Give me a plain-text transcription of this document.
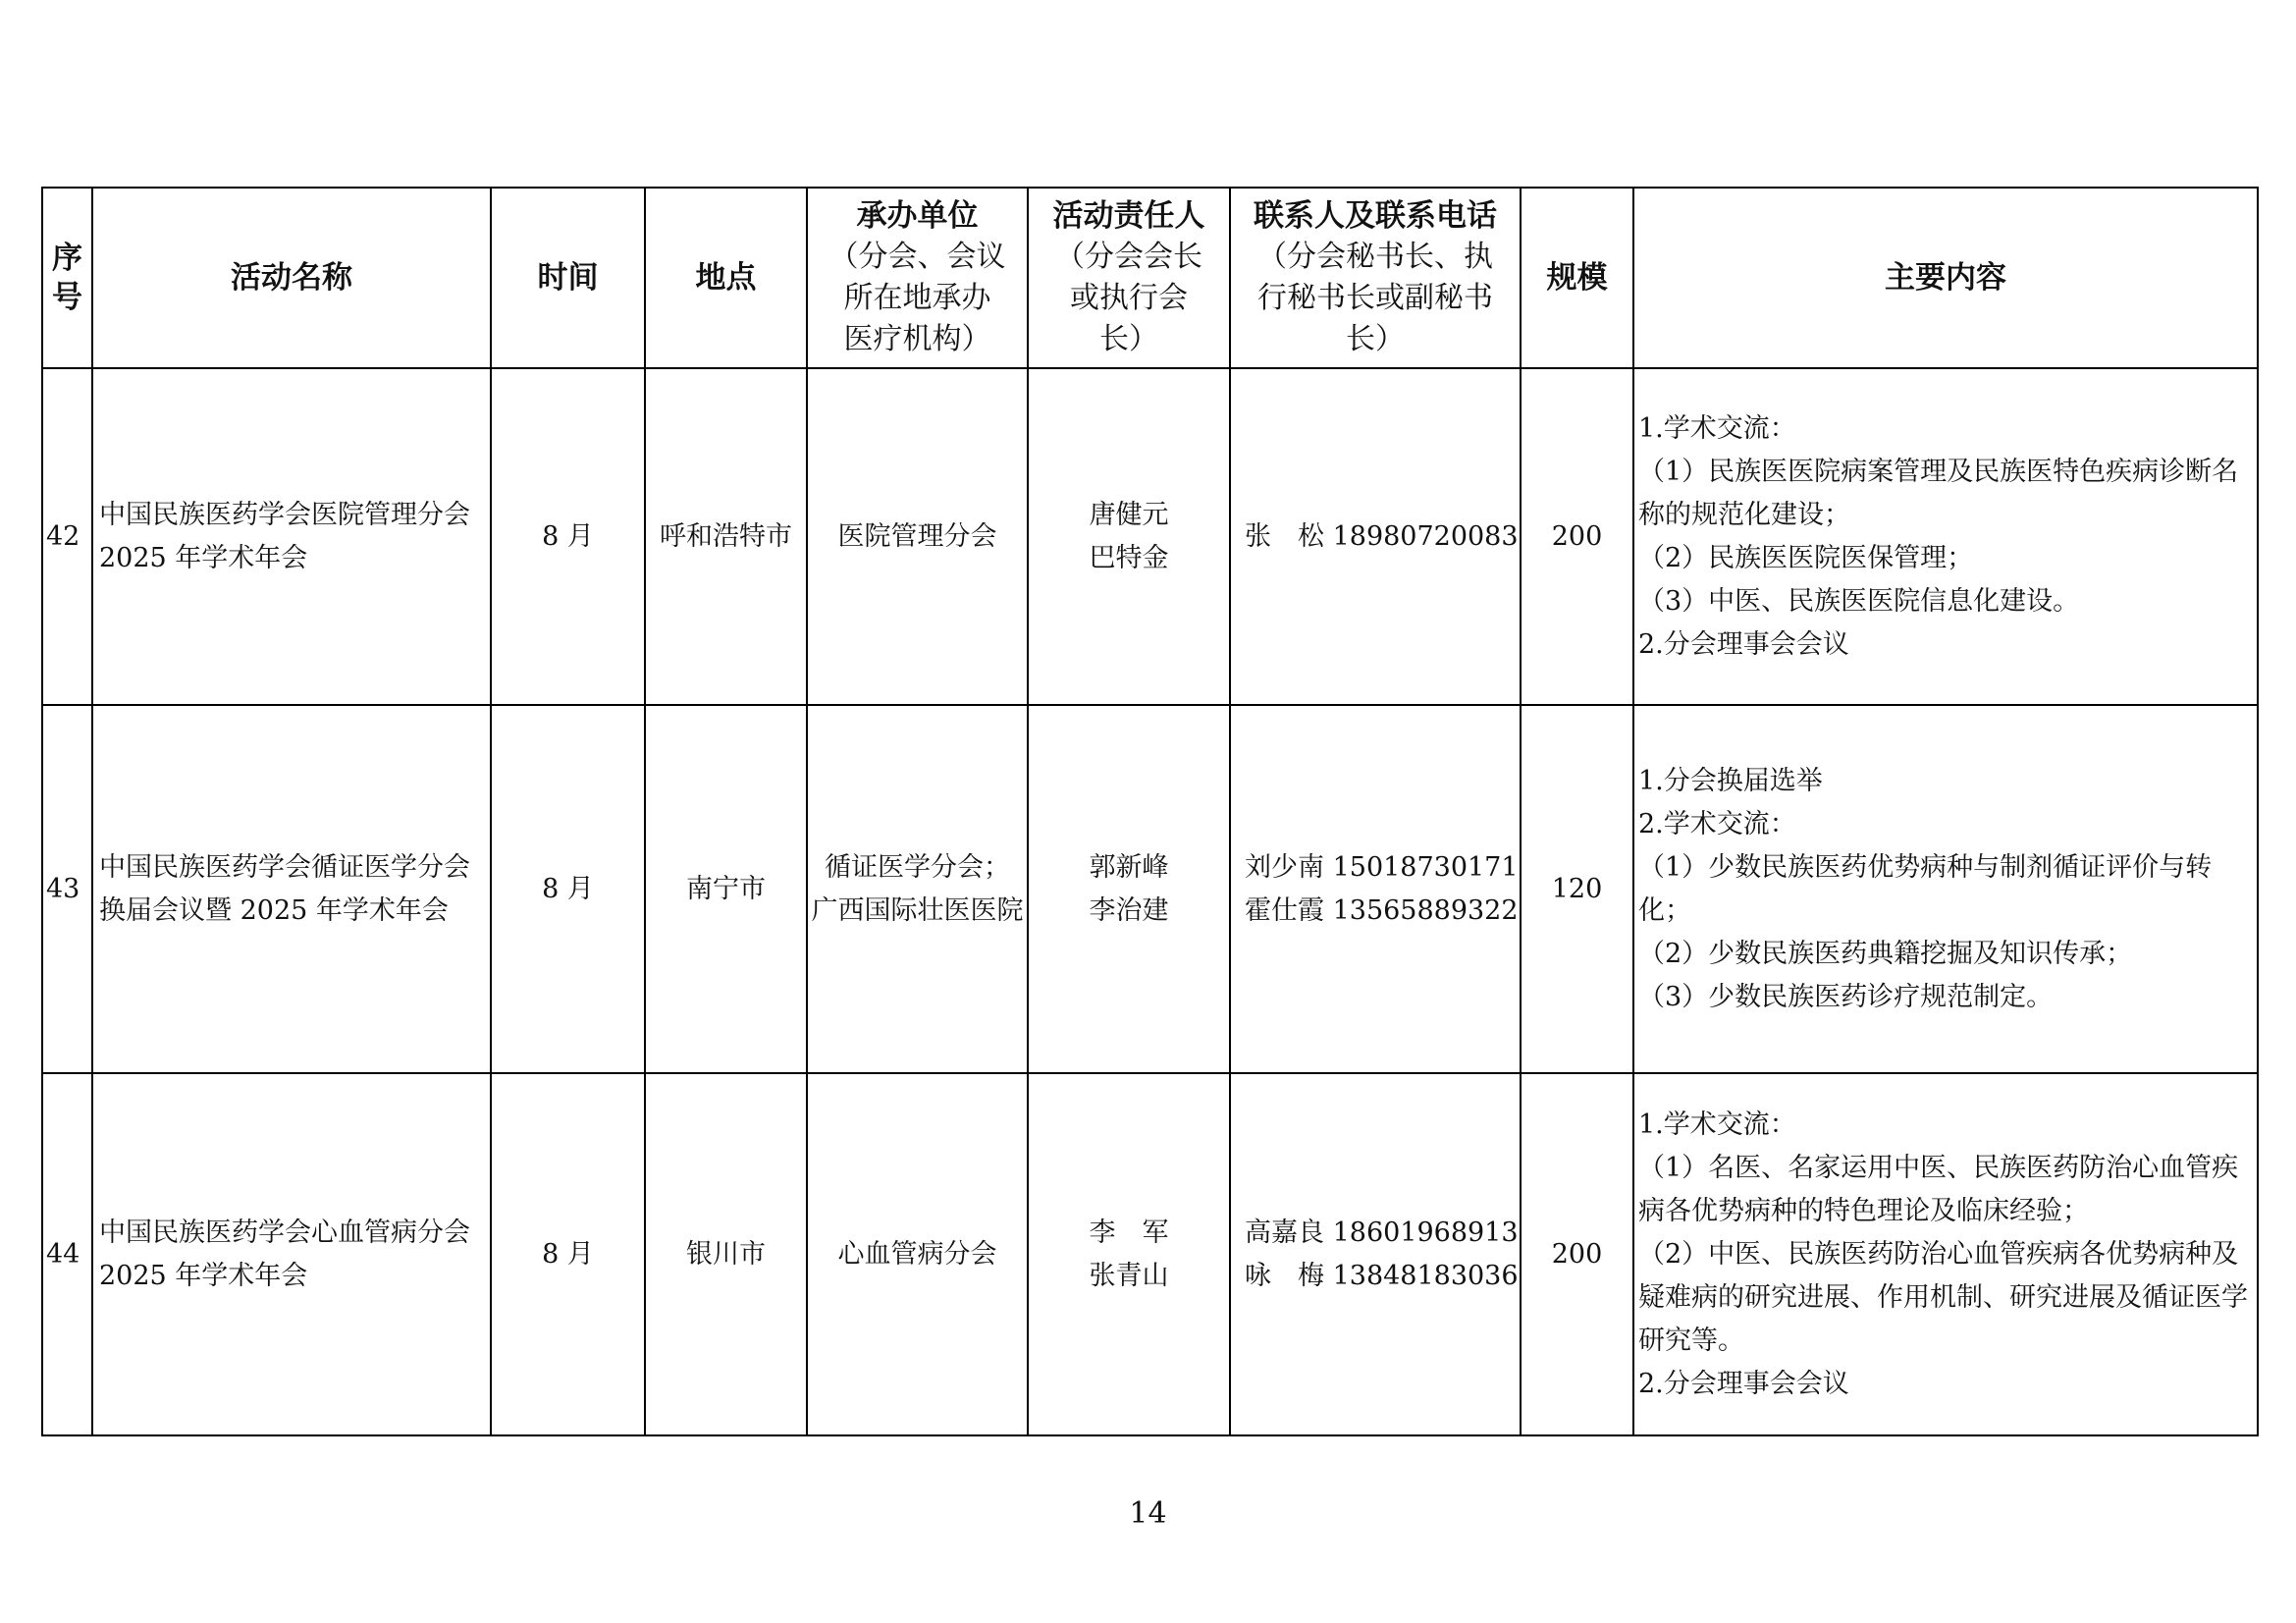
序号	活动名称	时间	地点	承办单位
（分会、会议
所在地承办
医疗机构）	活动责任人
（分会会长
或执行会
长）	联系人及联系电话
（分会秘书长、执
行秘书长或副秘书
长）	规模	主要内容
42	中国民族医药学会医院管理分会 2025 年学术年会	8 月	呼和浩特市	医院管理分会	唐健元
巴特金	张　松 18980720083	200	1.学术交流：
（1）民族医医院病案管理及民族医特色疾病诊断名称的规范化建设；
（2）民族医医院医保管理；
（3）中医、民族医医院信息化建设。
2.分会理事会会议

43	中国民族医药学会循证医学分会换届会议暨 2025 年学术年会	8 月	南宁市	循证医学分会；
广西国际壮医医院	郭新峰
李治建	刘少南 15018730171
霍仕霞 13565889322	120	1.分会换届选举
2.学术交流：
（1）少数民族医药优势病种与制剂循证评价与转化；
（2）少数民族医药典籍挖掘及知识传承；
（3）少数民族医药诊疗规范制定。

44	中国民族医药学会心血管病分会 2025 年学术年会	8 月	银川市	心血管病分会	李　军
张青山	高嘉良 18601968913
咏　梅 13848183036	200	1.学术交流：
（1）名医、名家运用中医、民族医药防治心血管疾病各优势病种的特色理论及临床经验；
（2）中医、民族医药防治心血管疾病各优势病种及疑难病的研究进展、作用机制、研究进展及循证医学研究等。
2.分会理事会会议
14
